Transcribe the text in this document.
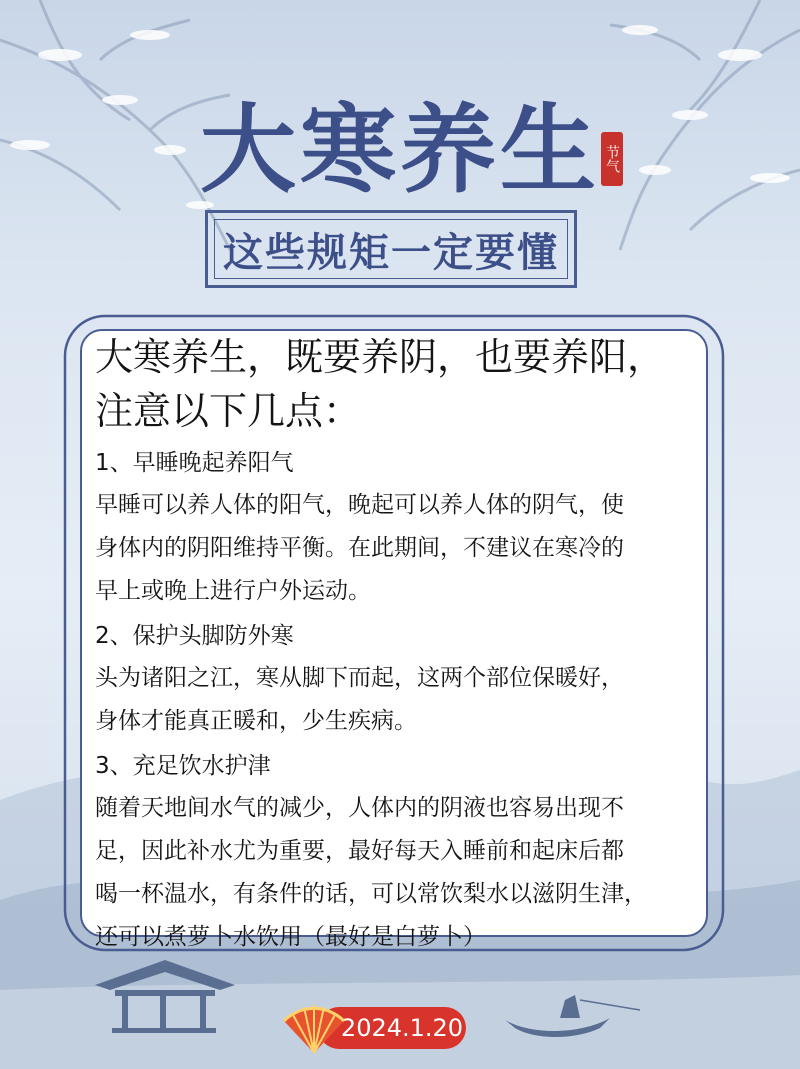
大寒养生 节气
这些规矩一定要懂

大寒养生，既要养阴，也要养阳，

注意以下几点：

1、早睡晚起养阳气

早睡可以养人体的阳气，晚起可以养人体的阴气，使

身体内的阴阳维持平衡。在此期间，不建议在寒冷的

早上或晚上进行户外运动。

2、保护头脚防外寒

头为诸阳之江，寒从脚下而起，这两个部位保暖好，

身体才能真正暖和，少生疾病。

3、充足饮水护津

随着天地间水气的减少，人体内的阴液也容易出现不

足，因此补水尤为重要，最好每天入睡前和起床后都

喝一杯温水，有条件的话，可以常饮梨水以滋阴生津，

还可以煮萝卜水饮用（最好是白萝卜）

2024.1.20
